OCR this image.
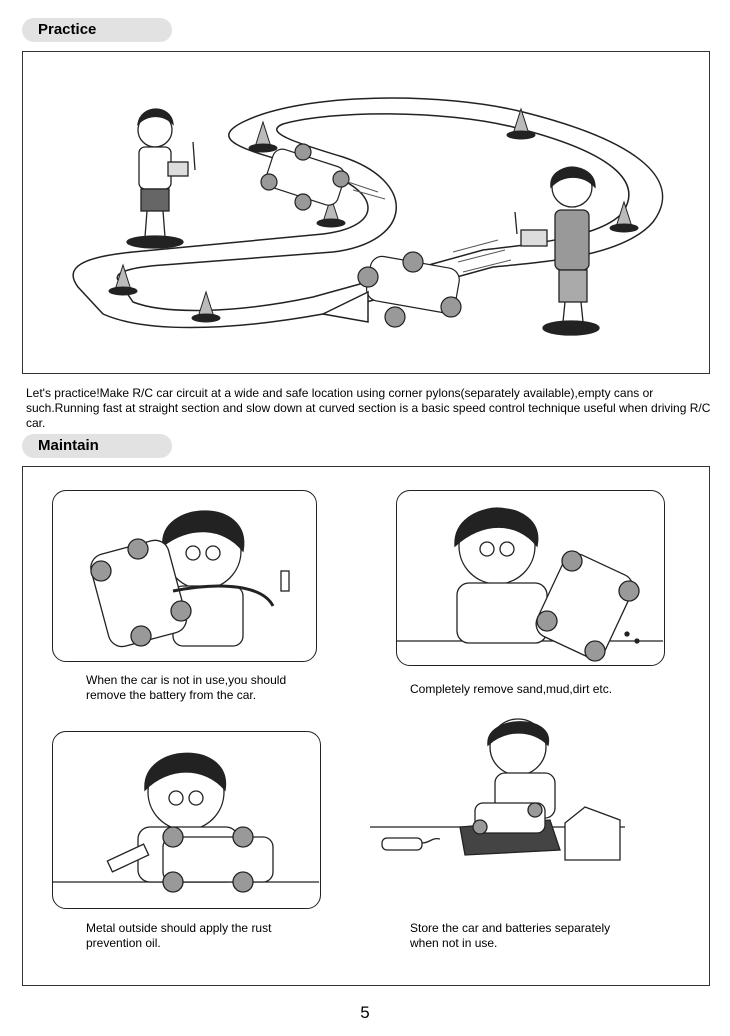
Practice
Let's practice!Make R/C car circuit at a wide and safe location using corner pylons(separately available),empty cans or such.Running fast at straight section and slow down at curved section is a basic speed control technique useful when driving R/C car.
Maintain
When the car is not in use,you should
remove the battery from the car.	Completely remove sand,mud,dirt etc.
Metal outside should apply the rust
prevention oil.
Store the car and batteries separately
when not in use.
5
